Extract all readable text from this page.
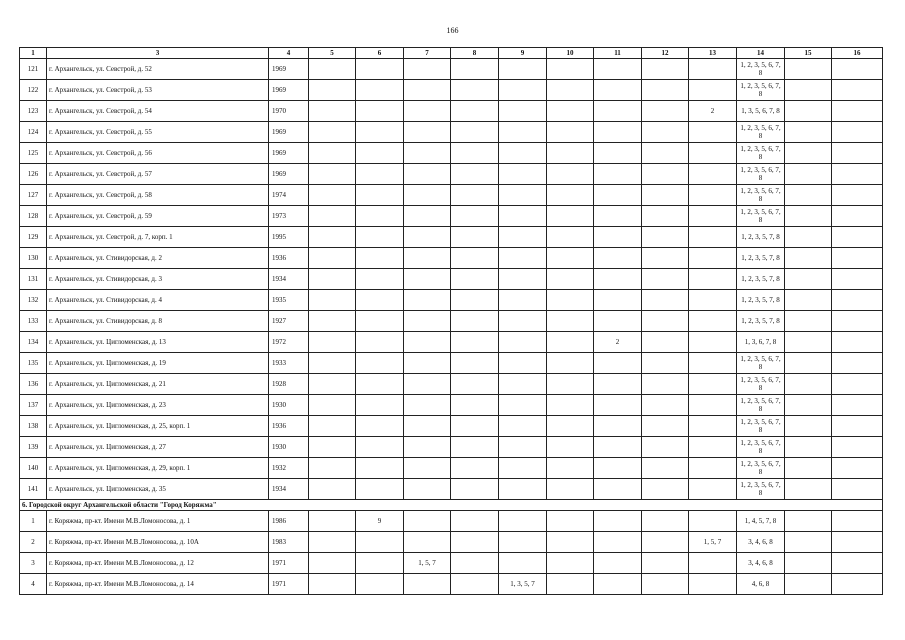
166
1	3	4	5	6	7	8	9	10	11	12	13	14	15	16
121	г. Архангельск, ул. Севстрой, д. 52	1969										1, 2, 3, 5, 6, 7, 8		
122	г. Архангельск, ул. Севстрой, д. 53	1969										1, 2, 3, 5, 6, 7, 8		
123	г. Архангельск, ул. Севстрой, д. 54	1970									2	1, 3, 5, 6, 7, 8		
124	г. Архангельск, ул. Севстрой, д. 55	1969										1, 2, 3, 5, 6, 7, 8		
125	г. Архангельск, ул. Севстрой, д. 56	1969										1, 2, 3, 5, 6, 7, 8		
126	г. Архангельск, ул. Севстрой, д. 57	1969										1, 2, 3, 5, 6, 7, 8		
127	г. Архангельск, ул. Севстрой, д. 58	1974										1, 2, 3, 5, 6, 7, 8		
128	г. Архангельск, ул. Севстрой, д. 59	1973										1, 2, 3, 5, 6, 7, 8		
129	г. Архангельск, ул. Севстрой, д. 7, корп. 1	1995										1, 2, 3, 5, 7, 8		
130	г. Архангельск, ул. Стивидорская, д. 2	1936										1, 2, 3, 5, 7, 8		
131	г. Архангельск, ул. Стивидорская, д. 3	1934										1, 2, 3, 5, 7, 8		
132	г. Архангельск, ул. Стивидорская, д. 4	1935										1, 2, 3, 5, 7, 8		
133	г. Архангельск, ул. Стивидорская, д. 8	1927										1, 2, 3, 5, 7, 8		
134	г. Архангельск, ул. Цигломенская, д. 13	1972							2			1, 3, 6, 7, 8		
135	г. Архангельск, ул. Цигломенская, д. 19	1933										1, 2, 3, 5, 6, 7, 8		
136	г. Архангельск, ул. Цигломенская, д. 21	1928										1, 2, 3, 5, 6, 7, 8		
137	г. Архангельск, ул. Цигломенская, д. 23	1930										1, 2, 3, 5, 6, 7, 8		
138	г. Архангельск, ул. Цигломенская, д. 25, корп. 1	1936										1, 2, 3, 5, 6, 7, 8		
139	г. Архангельск, ул. Цигломенская, д. 27	1930										1, 2, 3, 5, 6, 7, 8		
140	г. Архангельск, ул. Цигломенская, д. 29, корп. 1	1932										1, 2, 3, 5, 6, 7, 8		
141	г. Архангельск, ул. Цигломенская, д. 35	1934										1, 2, 3, 5, 6, 7, 8		
6. Городской округ Архангельской области "Город Коряжма"														
1	г. Коряжма, пр-кт. Имени М.В.Ломоносова, д. 1	1986		9								1, 4, 5, 7, 8		
2	г. Коряжма, пр-кт. Имени М.В.Ломоносова, д. 10А	1983									1, 5, 7	3, 4, 6, 8		
3	г. Коряжма, пр-кт. Имени М.В.Ломоносова, д. 12	1971			1, 5, 7							3, 4, 6, 8		
4	г. Коряжма, пр-кт. Имени М.В.Ломоносова, д. 14	1971					1, 3, 5, 7					4, 6, 8		
